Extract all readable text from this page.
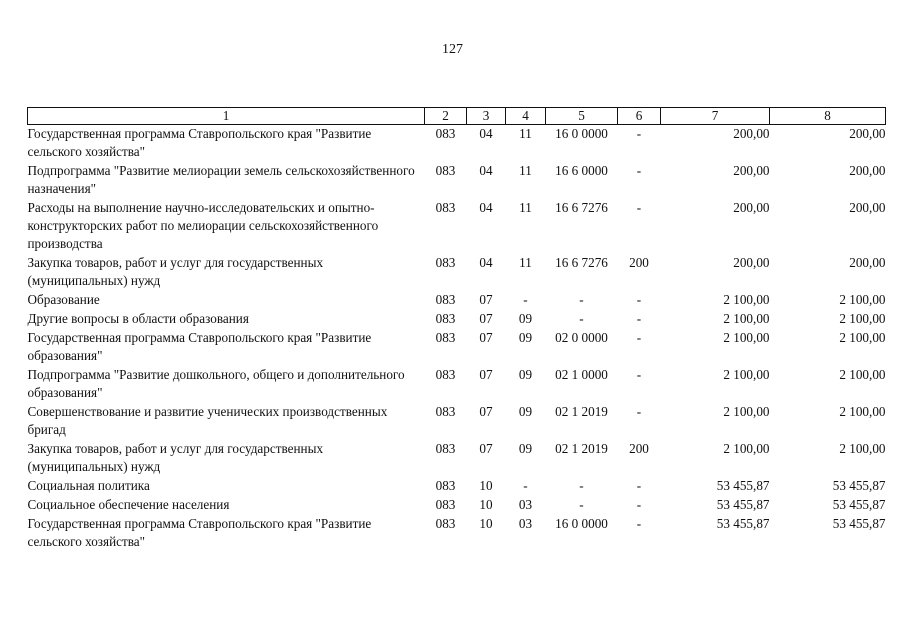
127
1	2	3	4	5	6	7	8
Государственная программа Ставропольского края "Развитие сельского хозяйства"	083	04	11	16 0 0000	-	200,00	200,00
Подпрограмма "Развитие мелиорации земель сельскохозяйственного назначения"	083	04	11	16 6 0000	-	200,00	200,00
Расходы на выполнение научно-исследовательских и опытно-конструкторских работ по мелиорации сельскохозяйственного производства	083	04	11	16 6 7276	-	200,00	200,00
Закупка товаров, работ и услуг для государственных (муниципальных) нужд	083	04	11	16 6 7276	200	200,00	200,00
Образование	083	07	-	-	-	2 100,00	2 100,00
Другие вопросы в области образования	083	07	09	-	-	2 100,00	2 100,00
Государственная программа Ставропольского края "Развитие образования"	083	07	09	02 0 0000	-	2 100,00	2 100,00
Подпрограмма "Развитие дошкольного, общего и дополнительного образования"	083	07	09	02 1 0000	-	2 100,00	2 100,00
Совершенствование и развитие ученических производственных бригад	083	07	09	02 1 2019	-	2 100,00	2 100,00
Закупка товаров, работ и услуг для государственных (муниципальных) нужд	083	07	09	02 1 2019	200	2 100,00	2 100,00
Социальная политика	083	10	-	-	-	53 455,87	53 455,87
Социальное обеспечение населения	083	10	03	-	-	53 455,87	53 455,87
Государственная программа Ставропольского края "Развитие сельского хозяйства"	083	10	03	16 0 0000	-	53 455,87	53 455,87
